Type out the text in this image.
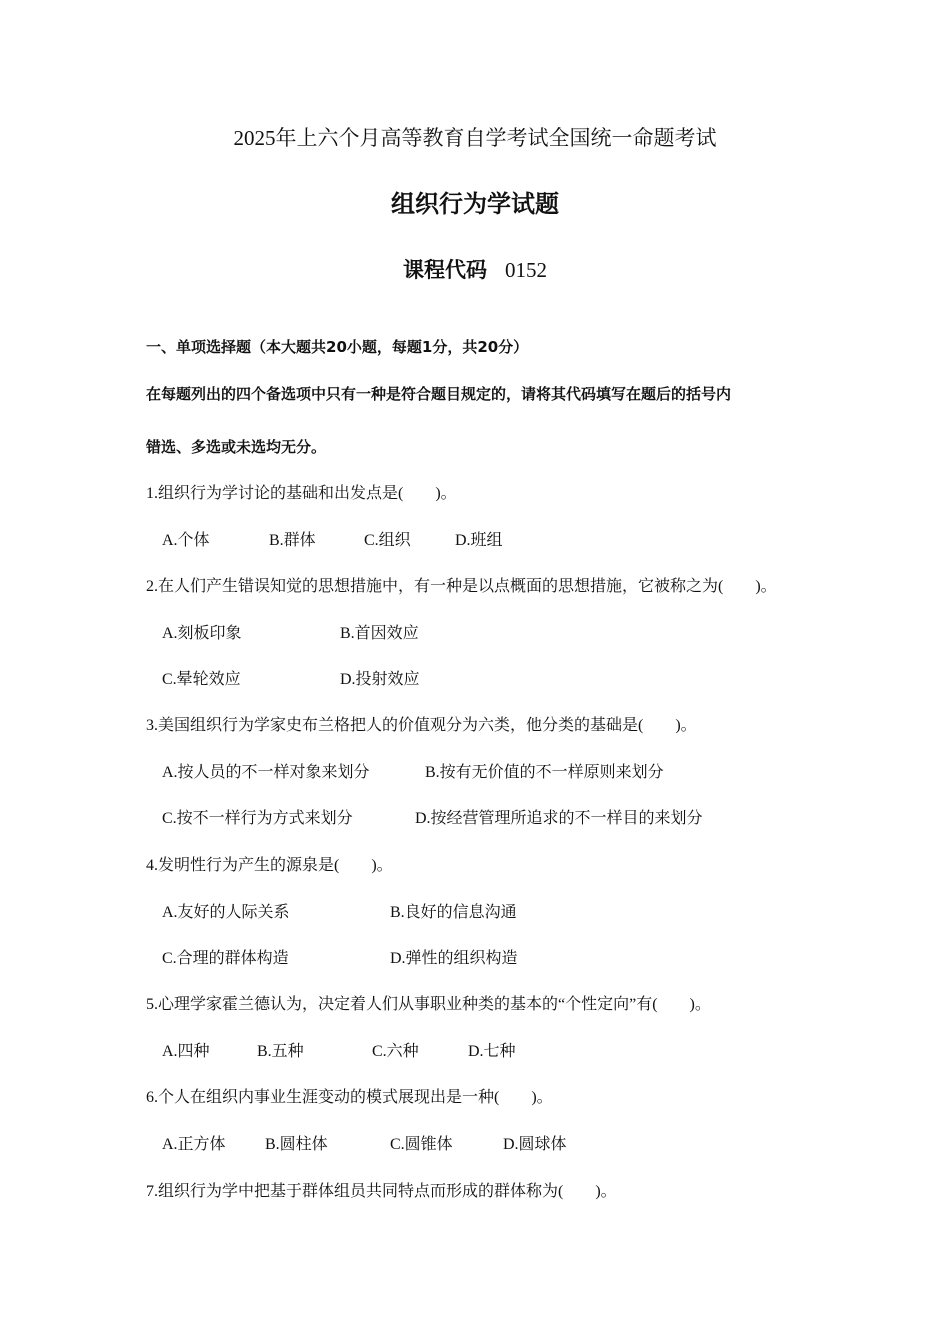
2025年上六个月高等教育自学考试全国统一命题考试
组织行为学试题
课程代码 0152
一、单项选择题（本大题共20小题，每题1分，共20分）
在每题列出的四个备选项中只有一种是符合题目规定的，请将其代码填写在题后的括号内
错选、多选或未选均无分。
1.组织行为学讨论的基础和出发点是(　　)。
A.个体	B.群体	C.组织	D.班组
2.在人们产生错误知觉的思想措施中，有一种是以点概面的思想措施，它被称之为(　　)。
A.刻板印象	B.首因效应
C.晕轮效应	D.投射效应
3.美国组织行为学家史布兰格把人的价值观分为六类，他分类的基础是(　　)。
A.按人员的不一样对象来划分	B.按有无价值的不一样原则来划分
C.按不一样行为方式来划分	D.按经营管理所追求的不一样目的来划分
4.发明性行为产生的源泉是(　　)。
A.友好的人际关系	B.良好的信息沟通
C.合理的群体构造	D.弹性的组织构造
5.心理学家霍兰德认为，决定着人们从事职业种类的基本的“个性定向”有(　　)。
A.四种	B.五种	C.六种	D.七种
6.个人在组织内事业生涯变动的模式展现出是一种(　　)。
A.正方体 B.圆柱体	C.圆锥体	D.圆球体
7.组织行为学中把基于群体组员共同特点而形成的群体称为(　　)。
